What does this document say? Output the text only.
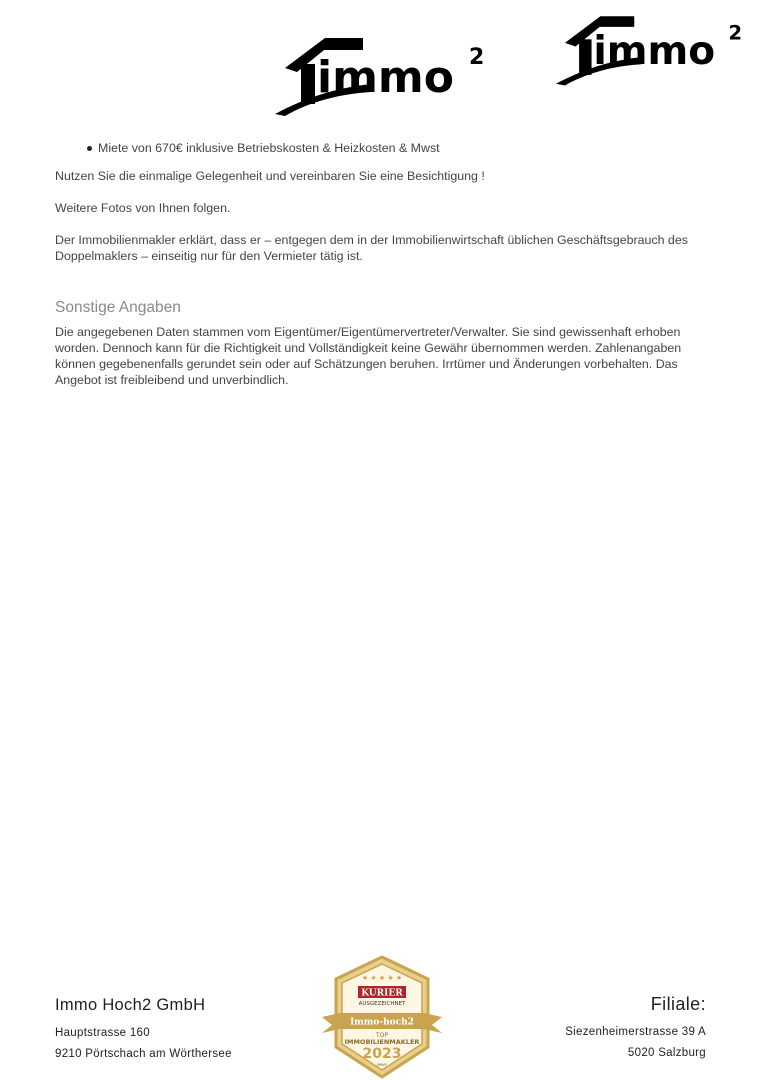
immo 2 immo 2
Miete von 670€ inklusive Betriebskosten & Heizkosten & Mwst

Nutzen Sie die einmalige Gelegenheit und vereinbaren Sie eine Besichtigung !

Weitere Fotos von Ihnen folgen.

Der Immobilienmakler erklärt, dass er – entgegen dem in der Immobilienwirtschaft üblichen Geschäftsgebrauch des Doppelmaklers – einseitig nur für den Vermieter tätig ist.

Sonstige Angaben

Die angegebenen Daten stammen vom Eigentümer/Eigentümervertreter/Verwalter. Sie sind gewissenhaft erhoben worden. Dennoch kann für die Richtigkeit und Vollständigkeit keine Gewähr übernommen werden. Zahlenangaben können gegebenenfalls gerundet sein oder auf Schätzungen beruhen. Irrtümer und Änderungen vorbehalten. Das Angebot ist freibleibend und unverbindlich.

Immo Hoch2 GmbH
Hauptstrasse 160
9210 Pörtschach am Wörthersee
★ ★ ★ ★ ★
KURIER
AUSGEZEICHNET
Immo-hoch2
TOP
IMMOBILIENMAKLER
2023
IMWF
Filiale:
Siezenheimerstrasse 39 A
5020 Salzburg
